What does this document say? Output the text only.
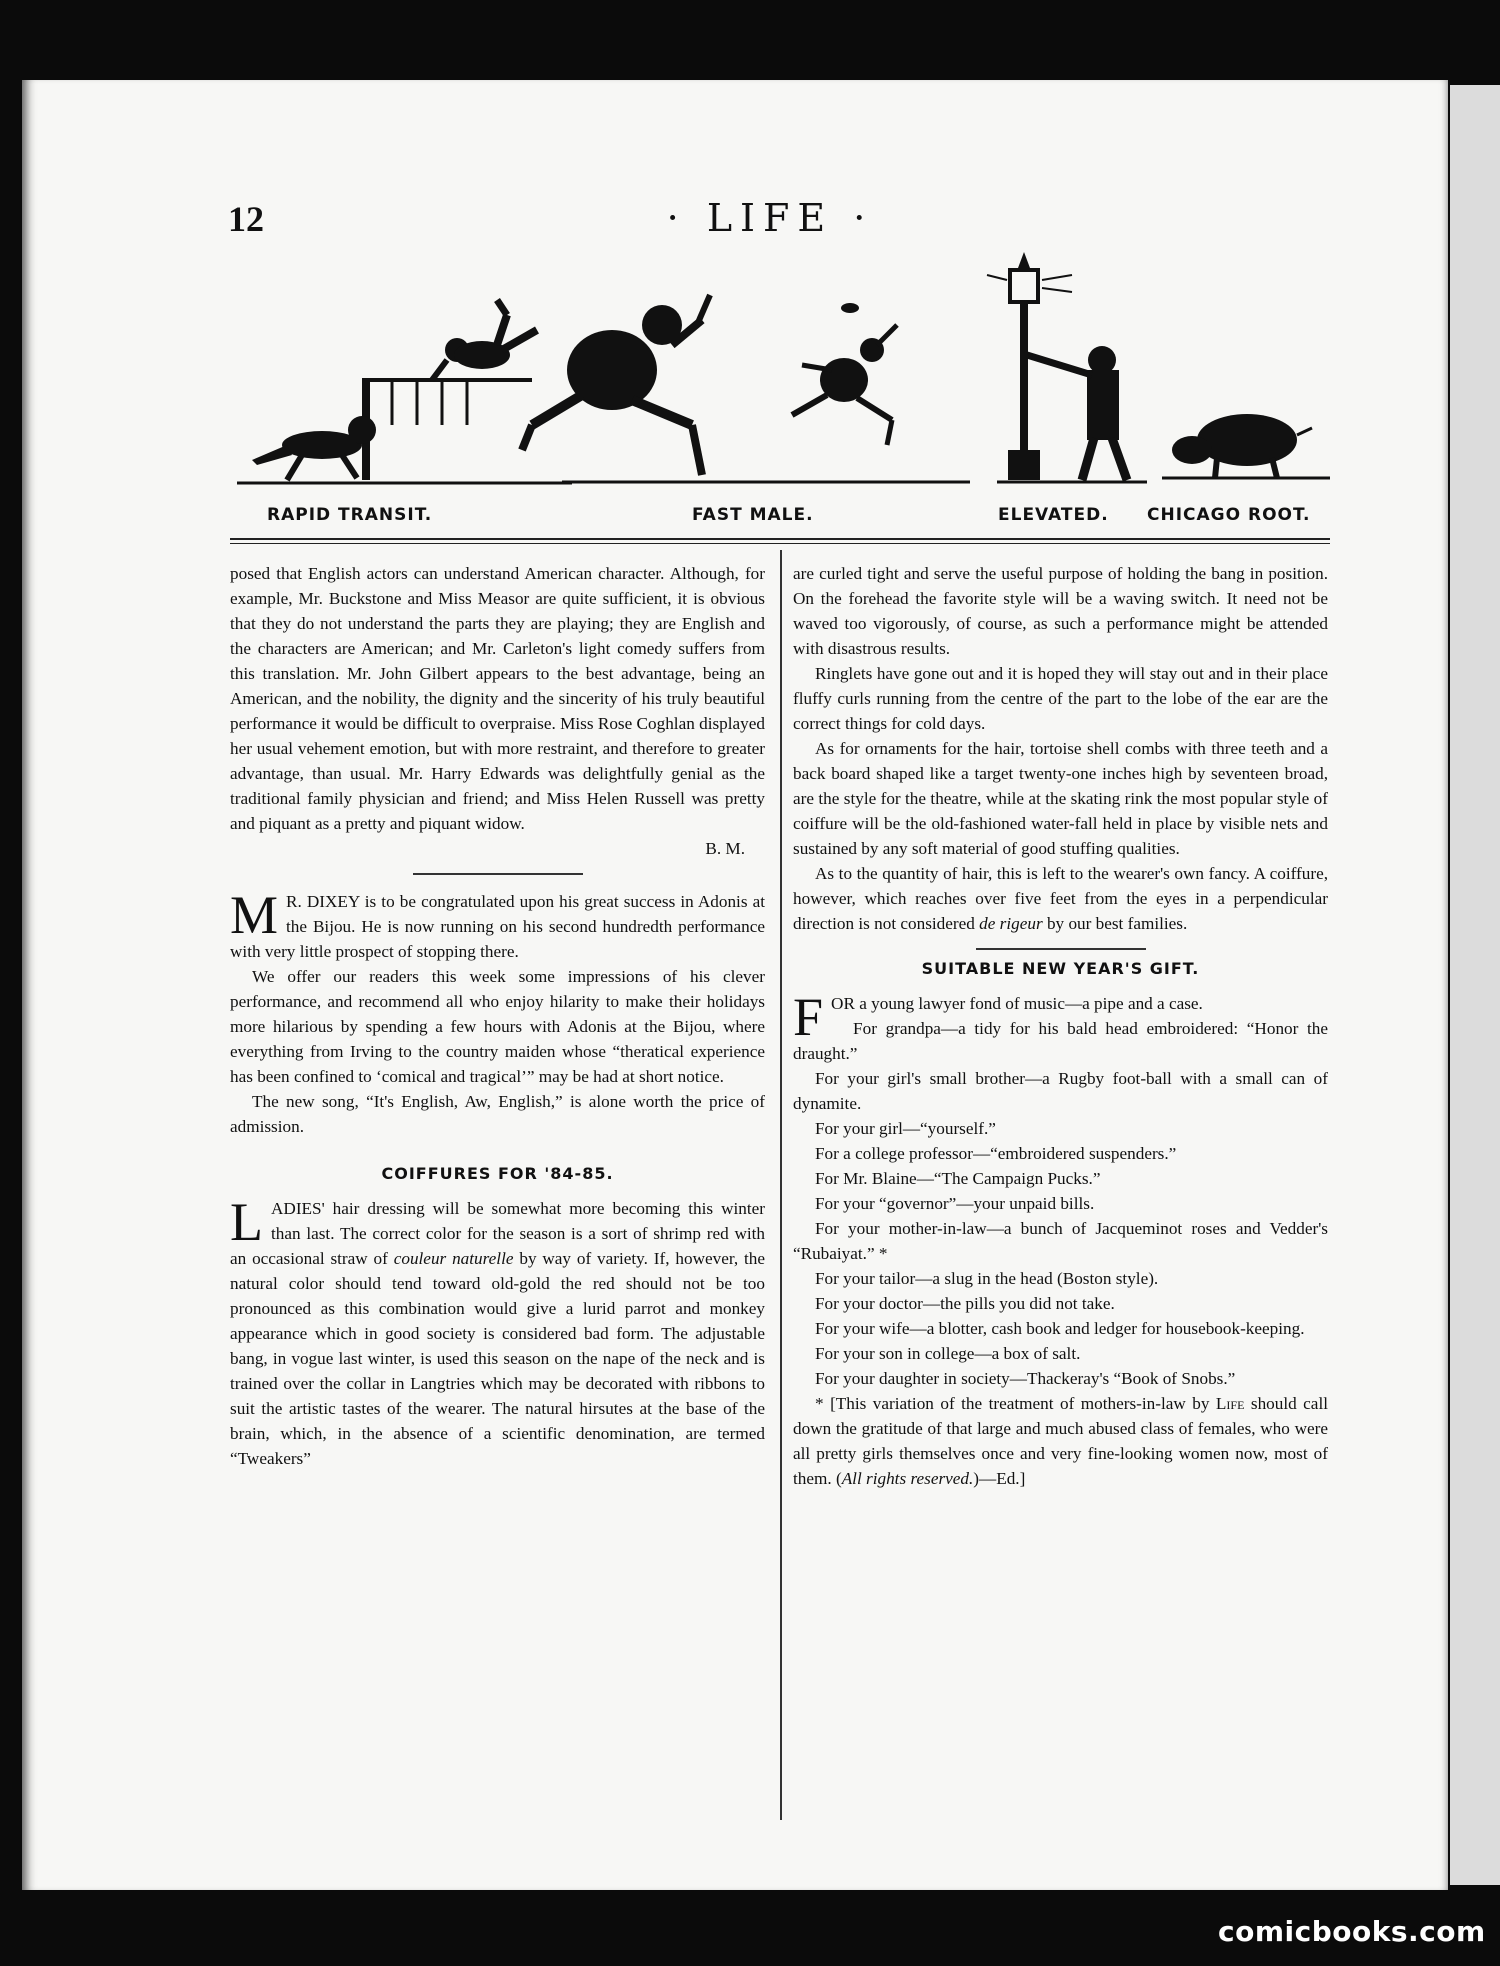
12	· LIFE ·
RAPID TRANSIT.	FAST MALE.	ELEVATED. CHICAGO ROOT.

posed that English actors can understand American character. Although, for example, Mr. Buckstone and Miss Measor are quite sufficient, it is obvious that they do not understand the parts they are playing; they are English and the characters are American; and Mr. Carleton's light comedy suffers from this translation. Mr. John Gilbert appears to the best advantage, being an American, and the nobility, the dignity and the sincerity of his truly beautiful performance it would be difficult to overpraise. Miss Rose Coghlan displayed her usual vehement emotion, but with more restraint, and therefore to greater advantage, than usual. Mr. Harry Edwards was delightfully genial as the traditional family physician and friend; and Miss Helen Russell was pretty and piquant as a pretty and piquant widow.

B. M.

M R. DIXEY is to be congratulated upon his great success in Adonis at the Bijou. He is now running on his second hundredth performance with very little prospect of stopping there.

We offer our readers this week some impressions of his clever performance, and recommend all who enjoy hilarity to make their holidays more hilarious by spending a few hours with Adonis at the Bijou, where everything from Irving to the country maiden whose “theratical experience has been confined to ‘comical and tragical’” may be had at short notice.

The new song, “It's English, Aw, English,” is alone worth the price of admission.

COIFFURES FOR '84-85.

LADIES' hair dressing will be somewhat more becoming this winter than last. The correct color for the season is a sort of shrimp red with an occasional straw of couleur naturelle by way of variety. If, however, the natural color should tend toward old-gold the red should not be too pronounced as this combination would give a lurid parrot and monkey appearance which in good society is considered bad form. The adjustable bang, in vogue last winter, is used this season on the nape of the neck and is trained over the collar in Langtries which may be decorated with ribbons to suit the artistic tastes of the wearer. The natural hirsutes at the base of the brain, which, in the absence of a scientific denomination, are termed “Tweakers”

are curled tight and serve the useful purpose of holding the bang in position. On the forehead the favorite style will be a waving switch. It need not be waved too vigorously, of course, as such a performance might be attended with disastrous results.

Ringlets have gone out and it is hoped they will stay out and in their place fluffy curls running from the centre of the part to the lobe of the ear are the correct things for cold days.

As for ornaments for the hair, tortoise shell combs with three teeth and a back board shaped like a target twenty-one inches high by seventeen broad, are the style for the theatre, while at the skating rink the most popular style of coiffure will be the old-fashioned water-fall held in place by visible nets and sustained by any soft material of good stuffing qualities.

As to the quantity of hair, this is left to the wearer's own fancy. A coiffure, however, which reaches over five feet from the eyes in a perpendicular direction is not considered de rigeur by our best families.

SUITABLE NEW YEAR'S GIFT.

FOR a young lawyer fond of music—a pipe and a case.

For grandpa—a tidy for his bald head embroidered: “Honor the draught.”

For your girl's small brother—a Rugby foot-ball with a small can of dynamite.

For your girl—“yourself.”

For a college professor—“embroidered suspenders.”

For Mr. Blaine—“The Campaign Pucks.”

For your “governor”—your unpaid bills.

For your mother-in-law—a bunch of Jacqueminot roses and Vedder's “Rubaiyat.” *

For your tailor—a slug in the head (Boston style).

For your doctor—the pills you did not take.

For your wife—a blotter, cash book and ledger for housebook-keeping.

For your son in college—a box of salt.

For your daughter in society—Thackeray's “Book of Snobs.”

* [This variation of the treatment of mothers-in-law by Life should call down the gratitude of that large and much abused class of females, who were all pretty girls themselves once and very fine-looking women now, most of them. (All rights reserved.)—Ed.]

comicbooks.com
